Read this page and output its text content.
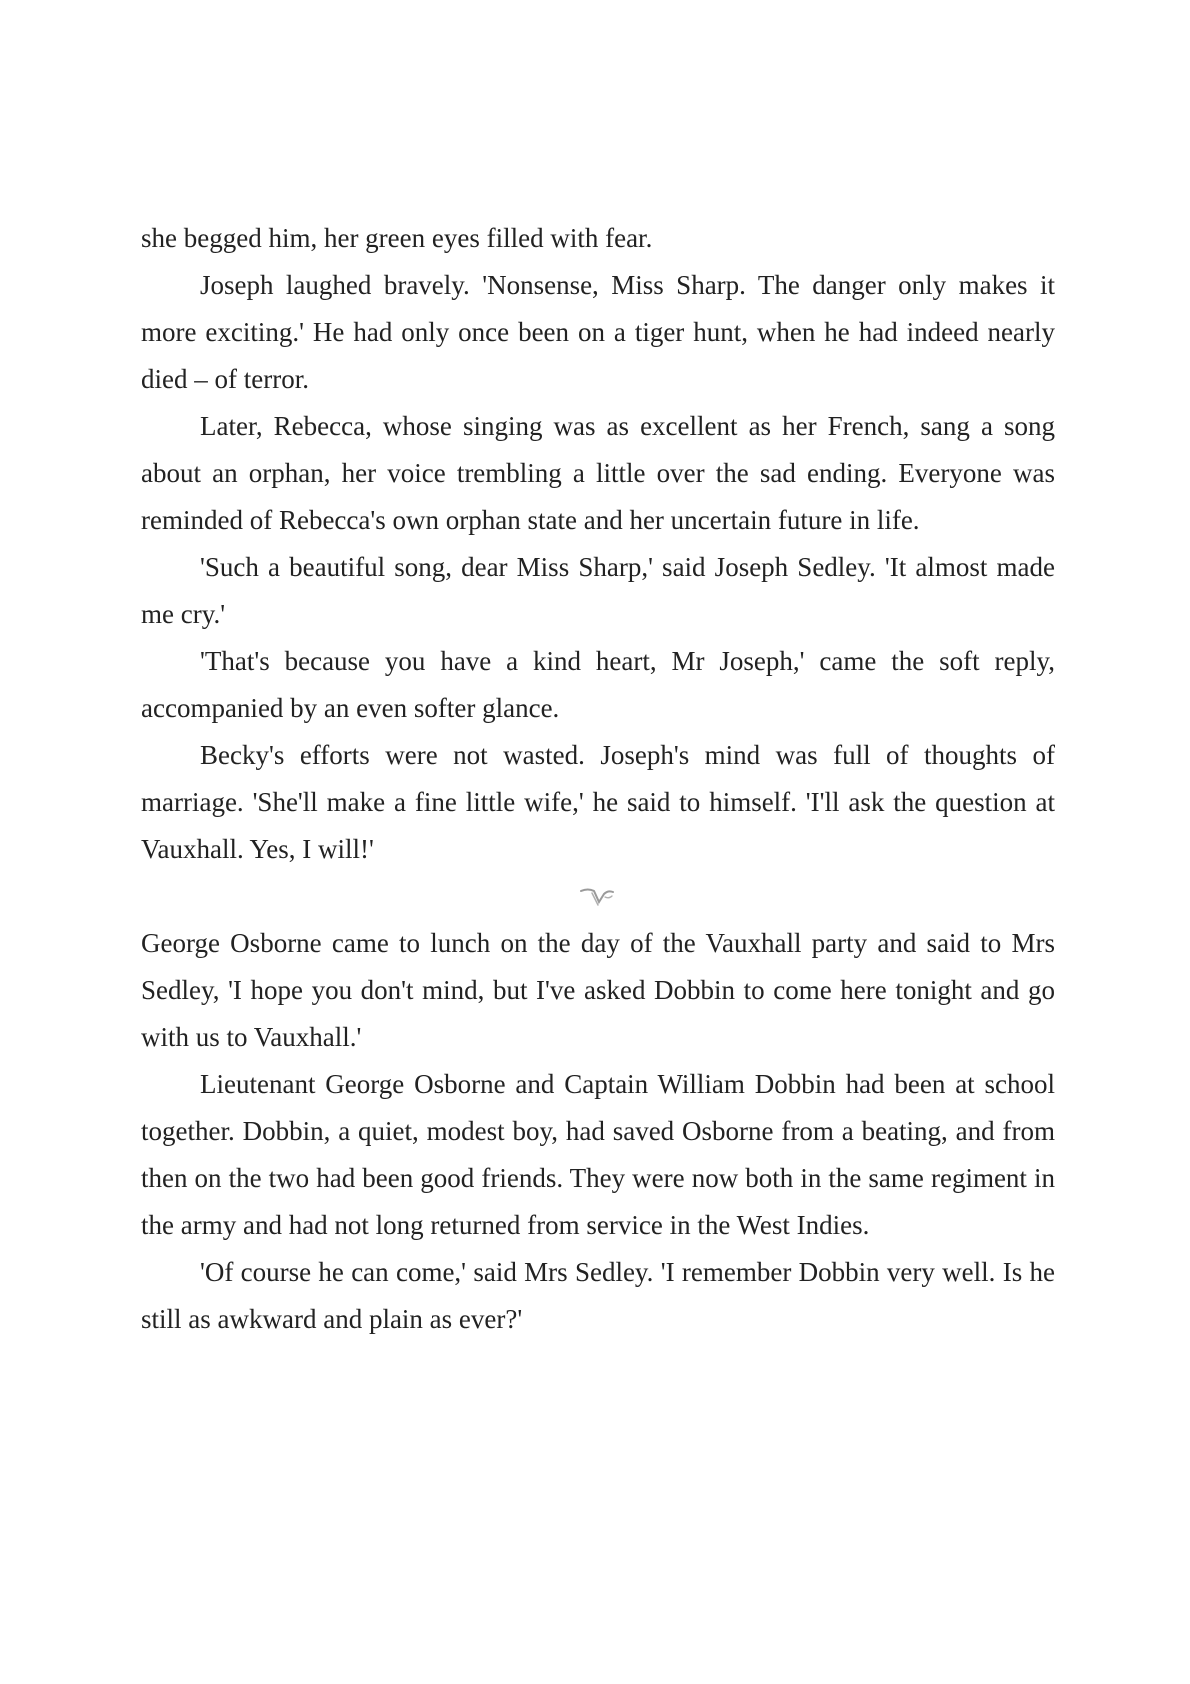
she begged him, her green eyes filled with fear.

Joseph laughed bravely. 'Nonsense, Miss Sharp. The danger only makes it more exciting.' He had only once been on a tiger hunt, when he had indeed nearly died – of terror.

Later, Rebecca, whose singing was as excellent as her French, sang a song about an orphan, her voice trembling a little over the sad ending. Everyone was reminded of Rebecca's own orphan state and her uncertain future in life.

'Such a beautiful song, dear Miss Sharp,' said Joseph Sedley. 'It almost made me cry.'

'That's because you have a kind heart, Mr Joseph,' came the soft reply, accompanied by an even softer glance.

Becky's efforts were not wasted. Joseph's mind was full of thoughts of marriage. 'She'll make a fine little wife,' he said to himself. 'I'll ask the question at Vauxhall. Yes, I will!'

George Osborne came to lunch on the day of the Vauxhall party and said to Mrs Sedley, 'I hope you don't mind, but I've asked Dobbin to come here tonight and go with us to Vauxhall.'

Lieutenant George Osborne and Captain William Dobbin had been at school together. Dobbin, a quiet, modest boy, had saved Osborne from a beating, and from then on the two had been good friends. They were now both in the same regiment in the army and had not long returned from service in the West Indies.

'Of course he can come,' said Mrs Sedley. 'I remember Dobbin very well. Is he still as awkward and plain as ever?'
